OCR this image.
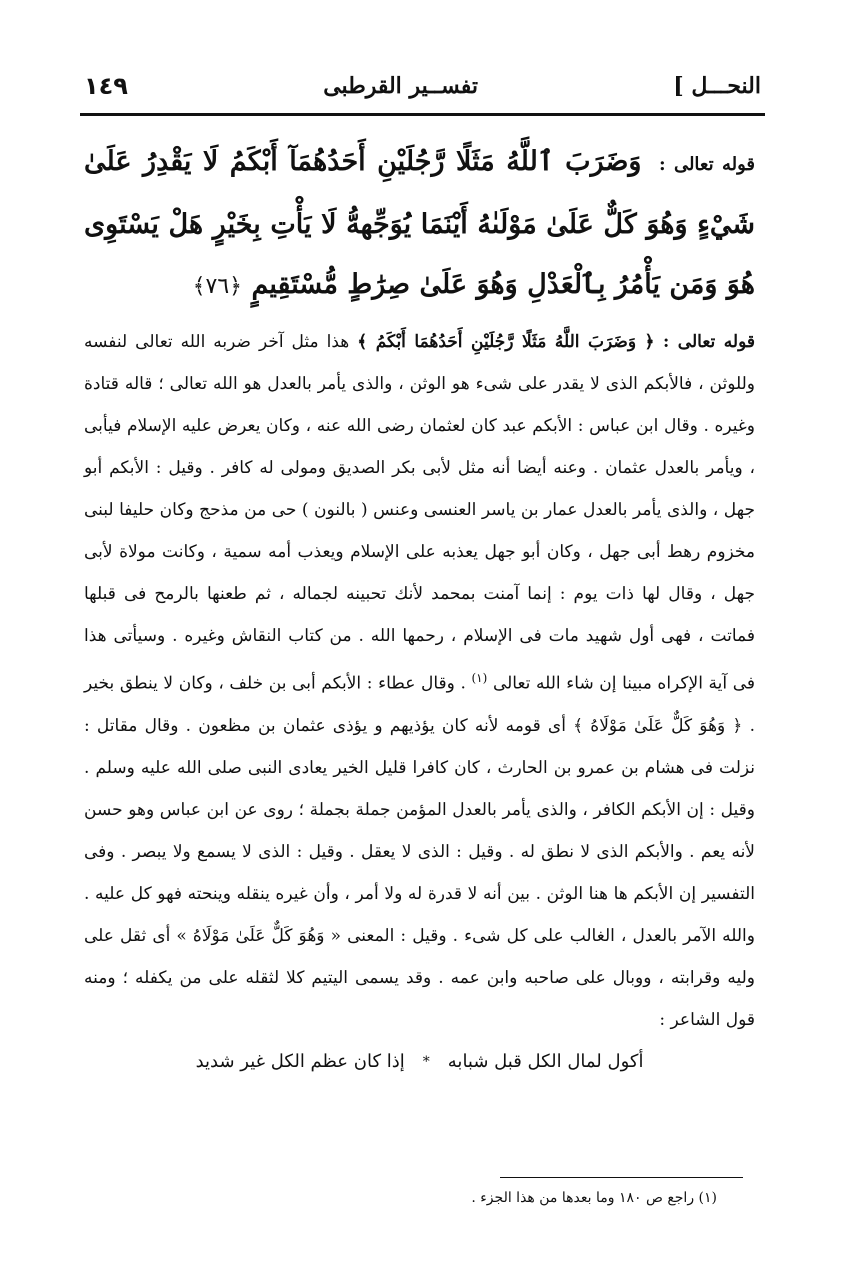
النحـــل ]
تفســير القرطبى
١٤٩

قوله تعالى : وَضَرَبَ ٱللَّهُ مَثَلًا رَّجُلَيْنِ أَحَدُهُمَآ أَبْكَمُ لَا يَقْدِرُ عَلَىٰ شَيْءٍ وَهُوَ كَلٌّ عَلَىٰ مَوْلَىٰهُ أَيْنَمَا يُوَجِّههُّ لَا يَأْتِ بِخَيْرٍ هَلْ يَسْتَوِى هُوَ وَمَن يَأْمُرُ بِٱلْعَدْلِ وَهُوَ عَلَىٰ صِرَٰطٍ مُّسْتَقِيمٍ ﴿٧٦﴾

قوله تعالى : ﴿ وَضَرَبَ اللَّهُ مَثَلًا رَّجُلَيْنِ أَحَدُهُمَا أَبْكَمُ ﴾ هذا مثل آخر ضربه الله تعالى لنفسه وللوثن ، فالأبكم الذى لا يقدر على شىء هو الوثن ، والذى يأمر بالعدل هو الله تعالى ؛ قاله قتادة وغيره . وقال ابن عباس : الأبكم عبد كان لعثمان رضى الله عنه ، وكان يعرض عليه الإسلام فيأبى ، ويأمر بالعدل عثمان . وعنه أيضا أنه مثل لأبى بكر الصديق ومولى له كافر . وقيل : الأبكم أبو جهل ، والذى يأمر بالعدل عمار بن ياسر العنسى وعنس ( بالنون ) حى من مذحج وكان حليفا لبنى مخزوم رهط أبى جهل ، وكان أبو جهل يعذبه على الإسلام ويعذب أمه سمية ، وكانت مولاة لأبى جهل ، وقال لها ذات يوم : إنما آمنت بمحمد لأنك تحبينه لجماله ، ثم طعنها بالرمح فى قبلها فماتت ، فهى أول شهيد مات فى الإسلام ، رحمها الله . من كتاب النقاش وغيره . وسيأتى هذا فى آية الإكراه مبينا إن شاء الله تعالى $^{(١)}$ . وقال عطاء : الأبكم أبى بن خلف ، وكان لا ينطق بخير . ﴿ وَهُوَ كَلٌّ عَلَىٰ مَوْلَاهُ ﴾ أى قومه لأنه كان يؤذيهم و يؤذى عثمان بن مظعون . وقال مقاتل : نزلت فى هشام بن عمرو بن الحارث ، كان كافرا قليل الخير يعادى النبى صلى الله عليه وسلم . وقيل : إن الأبكم الكافر ، والذى يأمر بالعدل المؤمن جملة بجملة ؛ روى عن ابن عباس وهو حسن لأنه يعم . والأبكم الذى لا نطق له . وقيل : الذى لا يعقل . وقيل : الذى لا يسمع ولا يبصر . وفى التفسير إن الأبكم ها هنا الوثن . بين أنه لا قدرة له ولا أمر ، وأن غيره ينقله وينحته فهو كل عليه . والله الآمر بالعدل ، الغالب على كل شىء . وقيل : المعنى « وَهُوَ كَلٌّ عَلَىٰ مَوْلَاهُ » أى ثقل على وليه وقرابته ، ووبال على صاحبه وابن عمه . وقد يسمى اليتيم كلا لثقله على من يكفله ؛ ومنه قول الشاعر :

أكول لمال الكل قبل شبابه
*
إذا كان عظم الكل غير شديد

(١) راجع ص ١٨٠ وما بعدها من هذا الجزء .
